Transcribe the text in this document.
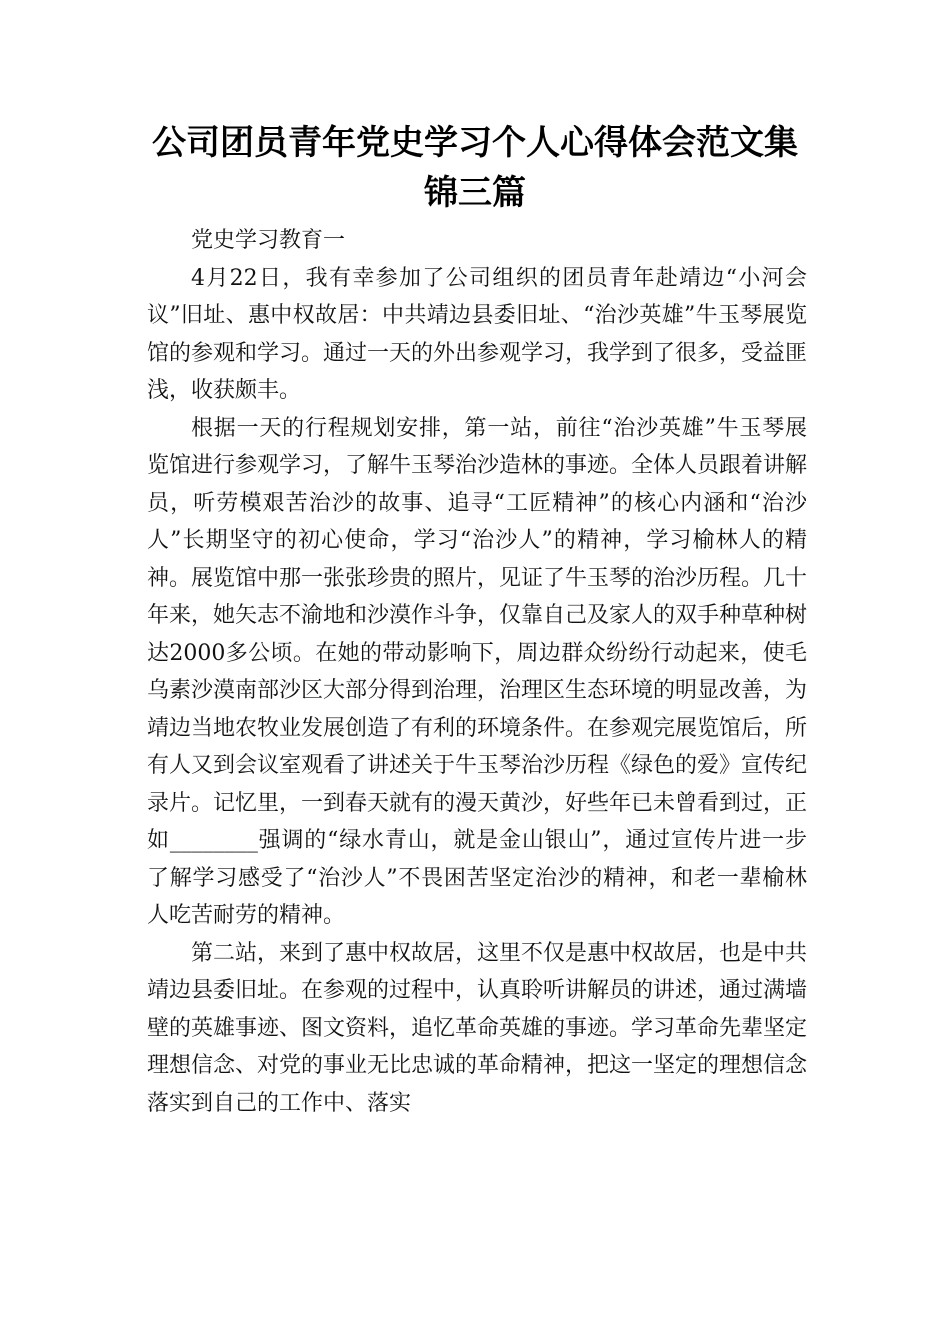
公司团员青年党史学习个人心得体会范文集锦三篇

党史学习教育一

4月22日，我有幸参加了公司组织的团员青年赴靖边“小河会议”旧址、惠中权故居：中共靖边县委旧址、“治沙英雄”牛玉琴展览馆的参观和学习。通过一天的外出参观学习，我学到了很多，受益匪浅，收获颇丰。

根据一天的行程规划安排，第一站，前往“治沙英雄”牛玉琴展览馆进行参观学习，了解牛玉琴治沙造林的事迹。全体人员跟着讲解员，听劳模艰苦治沙的故事、追寻“工匠精神”的核心内涵和“治沙人”长期坚守的初心使命，学习“治沙人”的精神，学习榆林人的精神。展览馆中那一张张珍贵的照片，见证了牛玉琴的治沙历程。几十年来，她矢志不渝地和沙漠作斗争，仅靠自己及家人的双手种草种树达2000多公顷。在她的带动影响下，周边群众纷纷行动起来，使毛乌素沙漠南部沙区大部分得到治理，治理区生态环境的明显改善，为靖边当地农牧业发展创造了有利的环境条件。在参观完展览馆后，所有人又到会议室观看了讲述关于牛玉琴治沙历程《绿色的爱》宣传纪录片。记忆里，一到春天就有的漫天黄沙，好些年已未曾看到过，正如________强调的“绿水青山，就是金山银山”，通过宣传片进一步了解学习感受了“治沙人”不畏困苦坚定治沙的精神，和老一辈榆林人吃苦耐劳的精神。

第二站，来到了惠中权故居，这里不仅是惠中权故居，也是中共靖边县委旧址。在参观的过程中，认真聆听讲解员的讲述，通过满墙壁的英雄事迹、图文资料，追忆革命英雄的事迹。学习革命先辈坚定理想信念、对党的事业无比忠诚的革命精神，把这一坚定的理想信念落实到自己的工作中、落实
